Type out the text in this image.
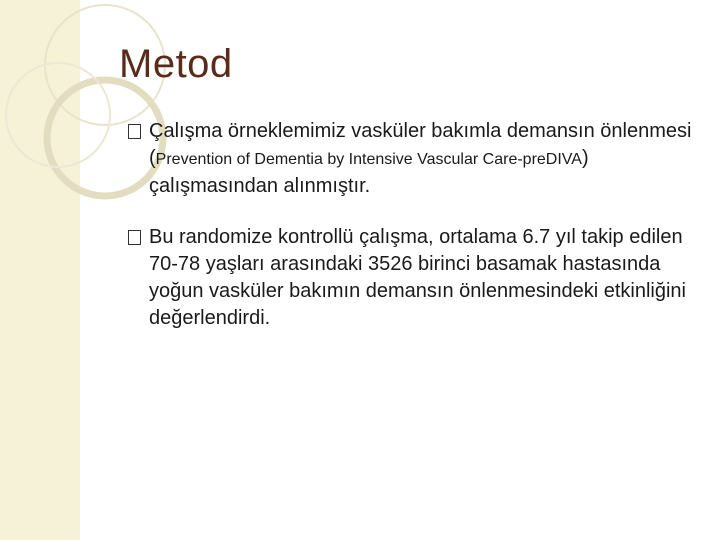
Metod
Çalışma örneklemimiz vasküler bakımla demansın önlenmesi (Prevention of Dementia by Intensive Vascular Care-preDIVA) çalışmasından alınmıştır.
Bu randomize kontrollü çalışma, ortalama 6.7 yıl takip edilen 70-78 yaşları arasındaki 3526 birinci basamak hastasında yoğun vasküler bakımın demansın önlenmesindeki etkinliğini değerlendirdi.
